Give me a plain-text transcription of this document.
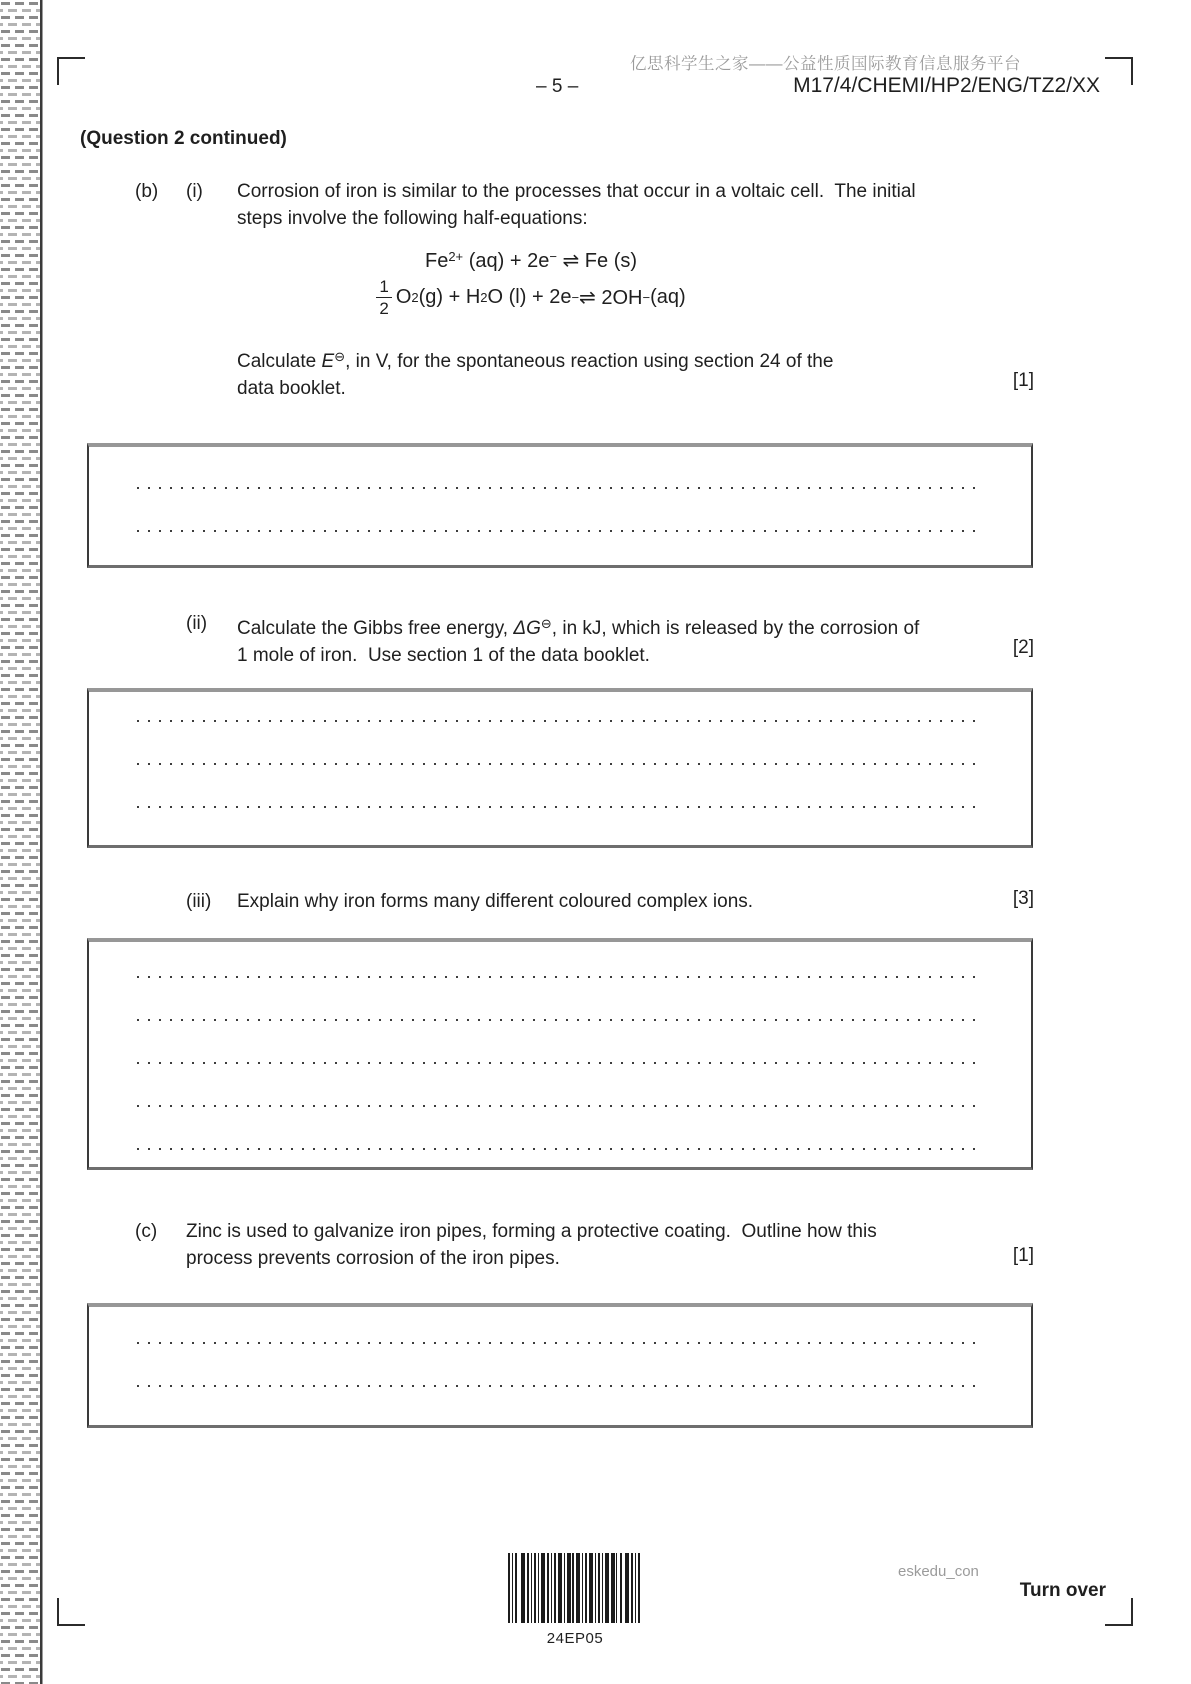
亿思科学生之家——公益性质国际教育信息服务平台
– 5 –	M17/4/CHEMI/HP2/ENG/TZ2/XX
(Question 2 continued)
(b) (i) Corrosion of iron is similar to the processes that occur in a voltaic cell.  The initial
steps involve the following half-equations:
$Fe^{2+}$ (aq) + 2e− ⇌ Fe (s)
$\frac{1}{2}$ O 2 (g) + H 2 O (l) + 2e − ⇌ 2OH − (aq)
Calculate E⊖, in V, for the spontaneous reaction using section 24 of the
data booklet.	[1]
(ii) Calculate the Gibbs free energy, ΔG⊖, in kJ, which is released by the corrosion of
1 mole of iron.  Use section 1 of the data booklet.	[2]
(iii) Explain why iron forms many different coloured complex ions.	[3]
(c) Zinc is used to galvanize iron pipes, forming a protective coating.  Outline how this
process prevents corrosion of the iron pipes.	[1]
24EP05
eskedu_con
Turn over
